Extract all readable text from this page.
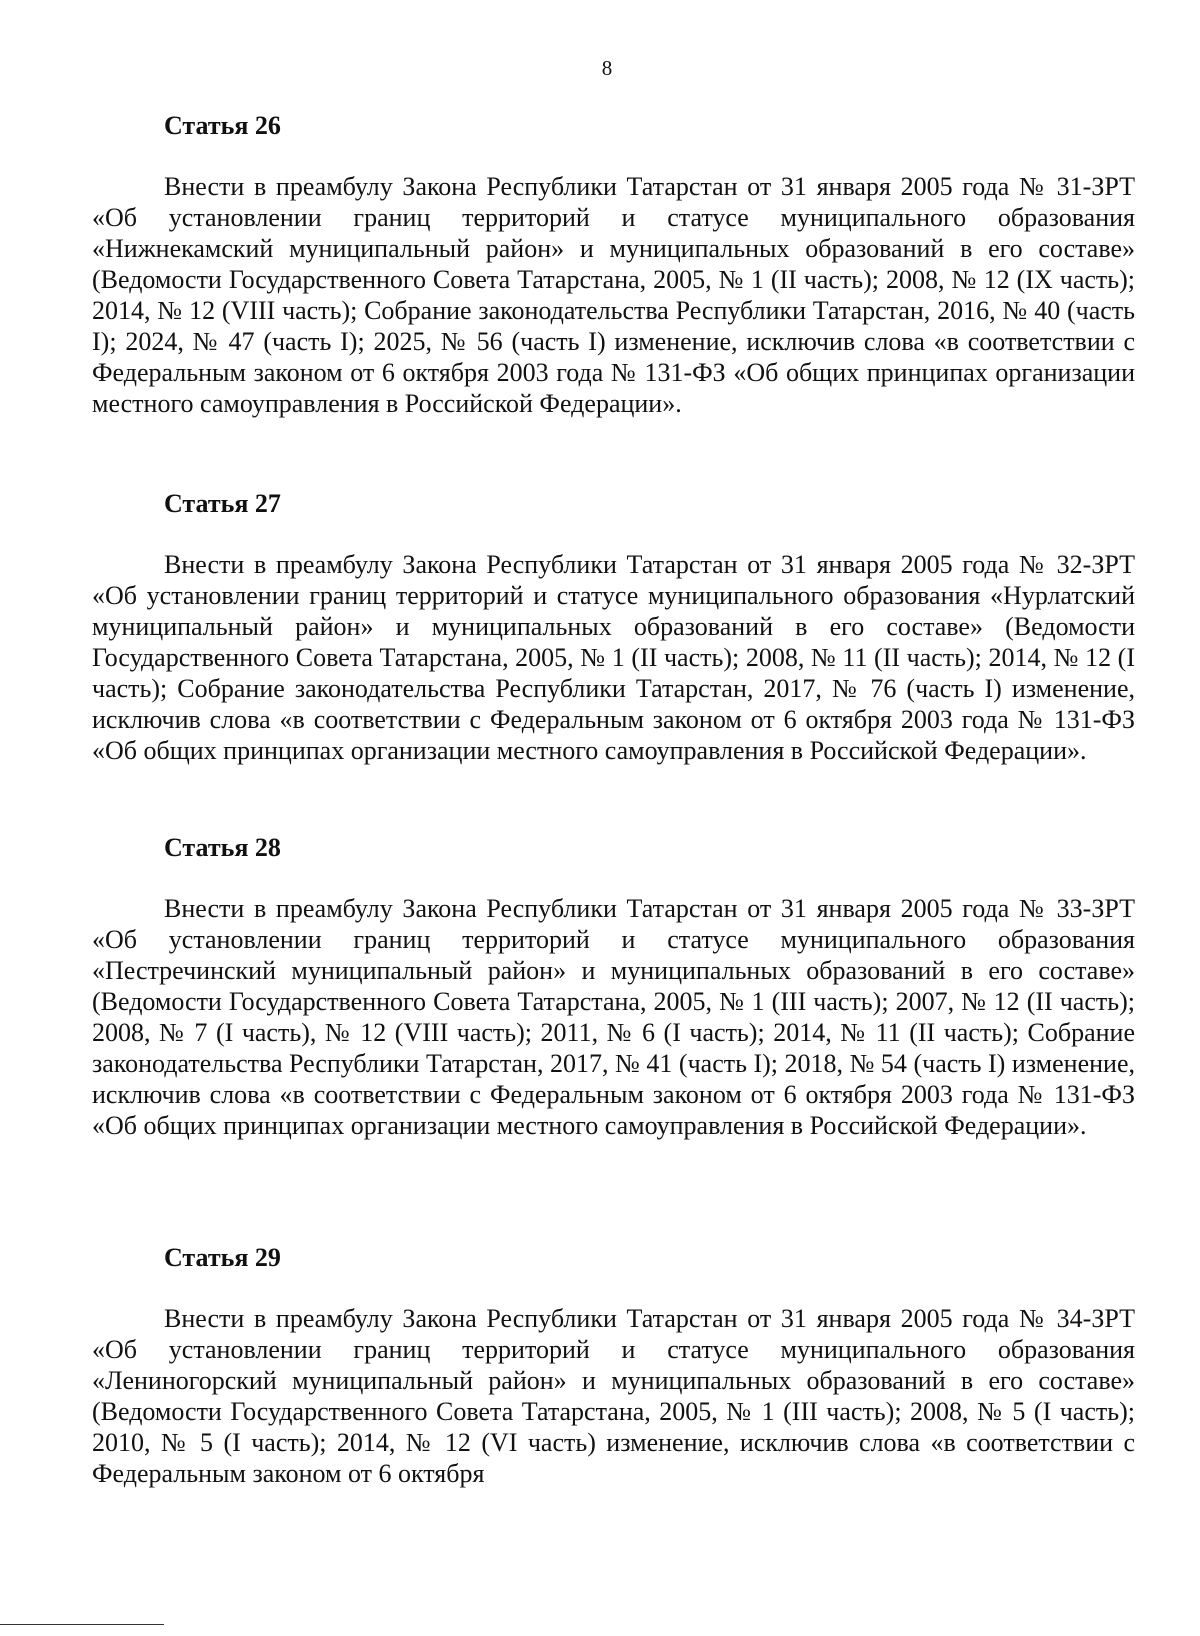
8
Статья 26

Внести в преамбулу Закона Республики Татарстан от 31 января 2005 года № 31-ЗРТ «Об установлении границ территорий и статусе муниципального образования «Нижнекамский муниципальный район» и муниципальных образований в его составе» (Ведомости Государственного Совета Татарстана, 2005, № 1 (II часть); 2008, № 12 (IX часть); 2014, № 12 (VIII часть); Собрание законодательства Республики Татарстан, 2016, № 40 (часть I); 2024, № 47 (часть I); 2025, № 56 (часть I) изменение, исключив слова «в соответствии с Федеральным законом от 6 октября 2003 года № 131-ФЗ «Об общих принципах организации местного самоуправления в Российской Федерации».

Статья 27

Внести в преамбулу Закона Республики Татарстан от 31 января 2005 года № 32-ЗРТ «Об установлении границ территорий и статусе муниципального образования «Нурлатский муниципальный район» и муниципальных образований в его составе» (Ведомости Государственного Совета Татарстана, 2005, № 1 (II часть); 2008, № 11 (II часть); 2014, № 12 (I часть); Собрание законодательства Республики Татарстан, 2017, № 76 (часть I) изменение, исключив слова «в соответствии с Федеральным законом от 6 октября 2003 года № 131-ФЗ «Об общих принципах организации местного самоуправления в Российской Федерации».

Статья 28

Внести в преамбулу Закона Республики Татарстан от 31 января 2005 года № 33-ЗРТ «Об установлении границ территорий и статусе муниципального образования «Пестречинский муниципальный район» и муниципальных образований в его составе» (Ведомости Государственного Совета Татарстана, 2005, № 1 (III часть); 2007, № 12 (II часть); 2008, № 7 (I часть), № 12 (VIII часть); 2011, № 6 (I часть); 2014, № 11 (II часть); Собрание законодательства Республики Татарстан, 2017, № 41 (часть I); 2018, № 54 (часть I) изменение, исключив слова «в соответствии с Федеральным законом от 6 октября 2003 года № 131-ФЗ «Об общих принципах организации местного самоуправления в Российской Федерации».

Статья 29

Внести в преамбулу Закона Республики Татарстан от 31 января 2005 года № 34-ЗРТ «Об установлении границ территорий и статусе муниципального образования «Лениногорский муниципальный район» и муниципальных образований в его составе» (Ведомости Государственного Совета Татарстана, 2005, № 1 (III часть); 2008, № 5 (I часть); 2010, № 5 (I часть); 2014, № 12 (VI часть) изменение, исключив слова «в соответствии с Федеральным законом от 6 октября
